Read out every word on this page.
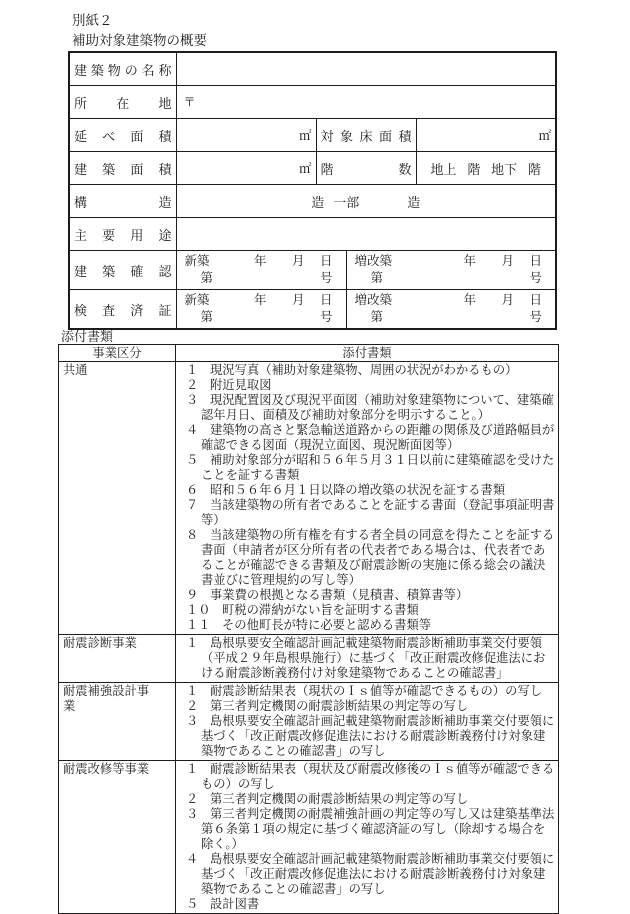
別紙２
補助対象建築物の概要
建築物の名称				
所在地	〒			

延べ面積	㎡	対象床面積		㎡
建築面積	㎡	階数		地上 階 地下 階

構造	造 一部 造			

主要用途				
建築確認	
新築	年	月	日
第	号

増改築	年	月	日
第	号

検査済証	
新築	年	月	日
第	号

増改築	年	月	日
第	号
添付書類
事業区分	添付書類
共通	１ 現況写真（補助対象建築物、周囲の状況がわかるもの）
２ 附近見取図
３ 現況配置図及び現況平面図（補助対象建築物について、建築確認年月日、面積及び補助対象部分を明示すること。）
４ 建築物の高さと緊急輸送道路からの距離の関係及び道路幅員が確認できる図面（現況立面図、現況断面図等）
５ 補助対象部分が昭和５６年５月３１日以前に建築確認を受けたことを証する書類
６ 昭和５６年６月１日以降の増改築の状況を証する書類
７ 当該建築物の所有者であることを証する書面（登記事項証明書等）
８ 当該建築物の所有権を有する者全員の同意を得たことを証する書面（申請者が区分所有者の代表者である場合は、代表者であることが確認できる書類及び耐震診断の実施に係る総会の議決書並びに管理規約の写し等）
９ 事業費の根拠となる書類（見積書、積算書等）
１０ 町税の滞納がない旨を証明する書類
１１ その他町長が特に必要と認める書類等

耐震診断事業	１ 島根県要安全確認計画記載建築物耐震診断補助事業交付要領（平成２９年島根県施行）に基づく「改正耐震改修促進法における耐震診断義務付け対象建築物であることの確認書」

耐震補強設計事業	１ 耐震診断結果表（現状のＩｓ値等が確認できるもの）の写し
２ 第三者判定機関の耐震診断結果の判定等の写し
３ 島根県要安全確認計画記載建築物耐震診断補助事業交付要領に基づく「改正耐震改修促進法における耐震診断義務付け対象建築物であることの確認書」の写し

耐震改修等事業	１ 耐震診断結果表（現状及び耐震改修後のＩｓ値等が確認できるもの）の写し
２ 第三者判定機関の耐震診断結果の判定等の写し
３ 第三者判定機関の耐震補強計画の判定等の写し又は建築基準法第６条第１項の規定に基づく確認済証の写し（除却する場合を除く。）
４ 島根県要安全確認計画記載建築物耐震診断補助事業交付要領に基づく「改正耐震改修促進法における耐震診断義務付け対象建築物であることの確認書」の写し
５ 設計図書
